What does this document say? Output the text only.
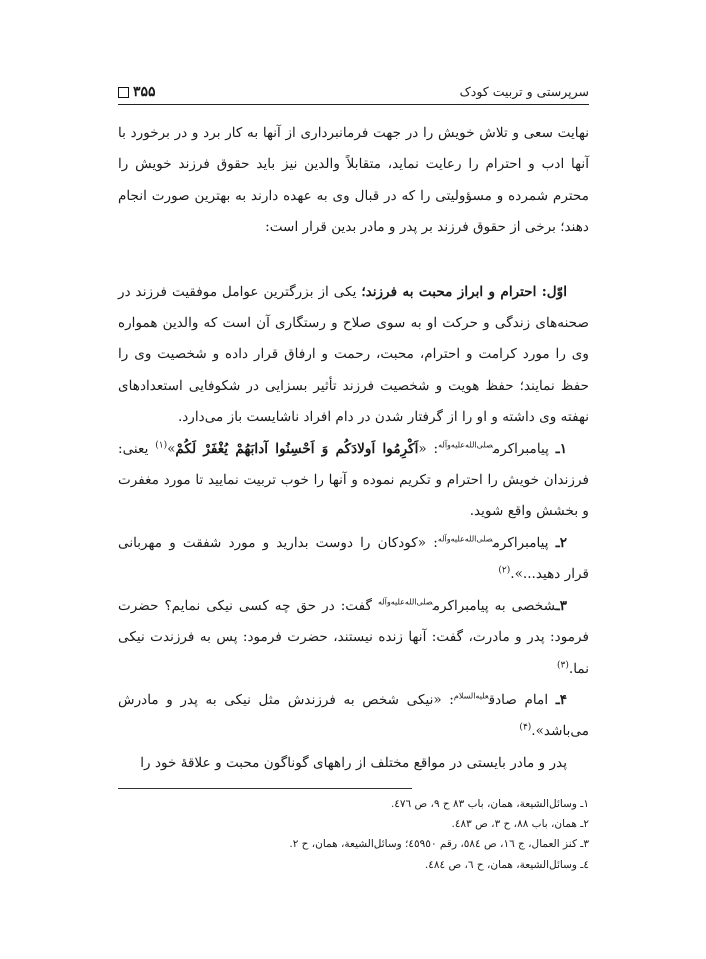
۳۵۵	سرپرستی و تربیت کودک

نهایت سعی و تلاش خویش را در جهت فرمانبرداری از آنها به کار برد و در برخورد با آنها ادب و احترام را رعایت نماید، متقابلاً والدین نیز باید حقوق فرزند خویش را محترم شمرده و مسؤولیتی را که در قبال وی به عهده دارند به بهترین صورت انجام دهند؛ برخی از حقوق فرزند بر پدر و مادر بدین قرار است:

اوّل: احترام و ابراز محبت به فرزند؛ یکی از بزرگترین عوامل موفقیت فرزند در صحنه‌های زندگی و حرکت او به سوی صلاح و رستگاری آن است که والدین همواره وی را مورد کرامت و احترام، محبت، رحمت و ارفاق قرار داده و شخصیت وی را حفظ نمایند؛ حفظ هویت و شخصیت فرزند تأثیر بسزایی در شکوفایی استعدادهای نهفته وی داشته و او را از گرفتار شدن در دام افراد ناشایست باز می‌دارد.

۱ـ پیامبراکرم$^{صلی‌الله‌علیه‌وآله}$: «اَكْرِمُوا اَولادَكُم وَ اَحْسِنُوا آدابَهُمْ يُغْفَرْ لَكُمْ»$^{(۱)}$ یعنی: فرزندان خویش را احترام و تکریم نموده و آنها را خوب تربیت نمایید تا مورد مغفرت و بخشش واقع شوید.

۲ـ پیامبراکرم$^{صلی‌الله‌علیه‌وآله}$: «کودکان را دوست بدارید و مورد شفقت و مهربانی قرار دهید...».$^{(۲)}$

۳ـشخصی به پیامبراکرم$^{صلی‌الله‌علیه‌وآله}$ گفت: در حق چه کسی نیکی نمایم؟ حضرت فرمود: پدر و مادرت، گفت: آنها زنده نیستند، حضرت فرمود: پس به فرزندت نیکی نما.$^{(۳)}$

۴ـ امام صادق$^{علیه‌السلام}$: «نیکی شخص به فرزندش مثل نیکی به پدر و مادرش می‌باشد».$^{(۴)}$

پدر و مادر بایستی در مواقع مختلف از راههای گوناگون محبت و علاقهٔ خود را

١ـ وسائل‌الشیعة، همان، باب ٨٣ ح ٩، ص ٤٧٦.

٢ـ همان، باب ٨٨، ح ٣، ص ٤٨٣.

٣ـ کنز العمال، ج ١٦، ص ٥٨٤، رقم ٤٥٩٥٠؛ وسائل‌الشیعة، همان، ح ٢.

٤ـ وسائل‌الشیعة، همان، ح ٦، ص ٤٨٤.
